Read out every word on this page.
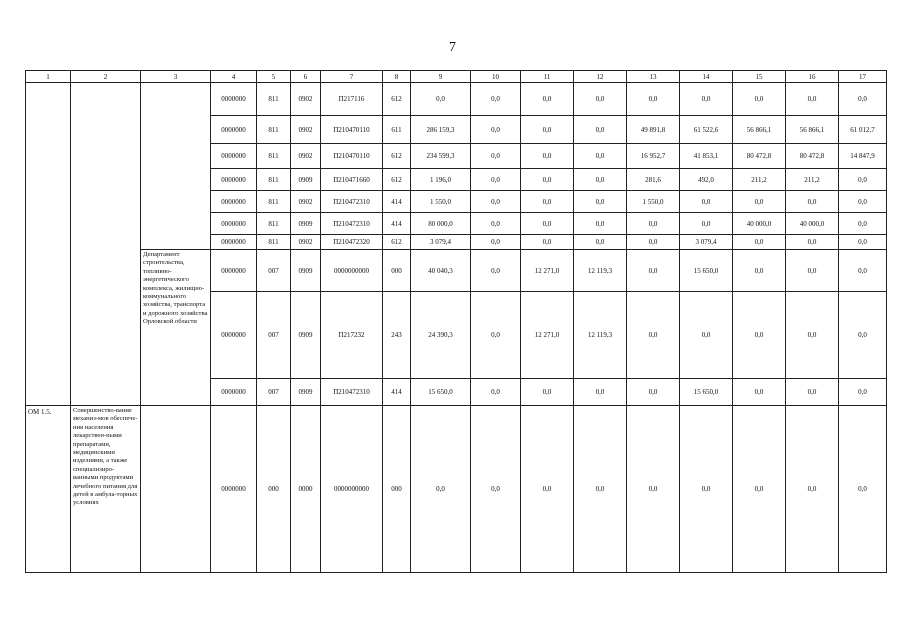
7
1	2	3	4	5	6	7	8	9	10	11	12	13	14	15	16	17
			0000000	811	0902	П217116	612	0,0	0,0	0,0	0,0	0,0	0,0	0,0	0,0	0,0
			0000000	811	0902	П210470110	611	286 159,3	0,0	0,0	0,0	49 891,8	61 522,6	56 866,1	56 866,1	61 012,7
			0000000	811	0902	П210470110	612	234 599,3	0,0	0,0	0,0	16 952,7	41 853,1	80 472,8	80 472,8	14 847,9
			0000000	811	0909	П210471660	612	1 196,0	0,0	0,0	0,0	281,6	492,0	211,2	211,2	0,0
			0000000	811	0902	П210472310	414	1 550,0	0,0	0,0	0,0	1 550,0	0,0	0,0	0,0	0,0
			0000000	811	0909	П210472310	414	80 000,0	0,0	0,0	0,0	0,0	0,0	40 000,0	40 000,0	0,0
			0000000	811	0902	П210472320	612	3 079,4	0,0	0,0	0,0	0,0	3 079,4	0,0	0,0	0,0
		Департамент строительства, топливно-энергетического комплекса, жилищно-коммунального хозяйства, транспорта и дорожного хозяйства Орловской области	0000000	007	0909	0000000000	000	40 040,3	0,0	12 271,0	12 119,3	0,0	15 650,0	0,0	0,0	0,0
			0000000	007	0909	П217232	243	24 390,3	0,0	12 271,0	12 119,3	0,0	0,0	0,0	0,0	0,0
			0000000	007	0909	П210472310	414	15 650,0	0,0	0,0	0,0	0,0	15 650,0	0,0	0,0	0,0
ОМ 1.5.	Совершенство-вание механиз-мов обеспече-ния населения лекарствен-ными препаратами, медицинскими изделиями, а также специализиро-ванными продуктами лечебного питания для детей в амбула-торных условиях		0000000	000	0000	0000000000	000	0,0	0,0	0,0	0,0	0,0	0,0	0,0	0,0	0,0
